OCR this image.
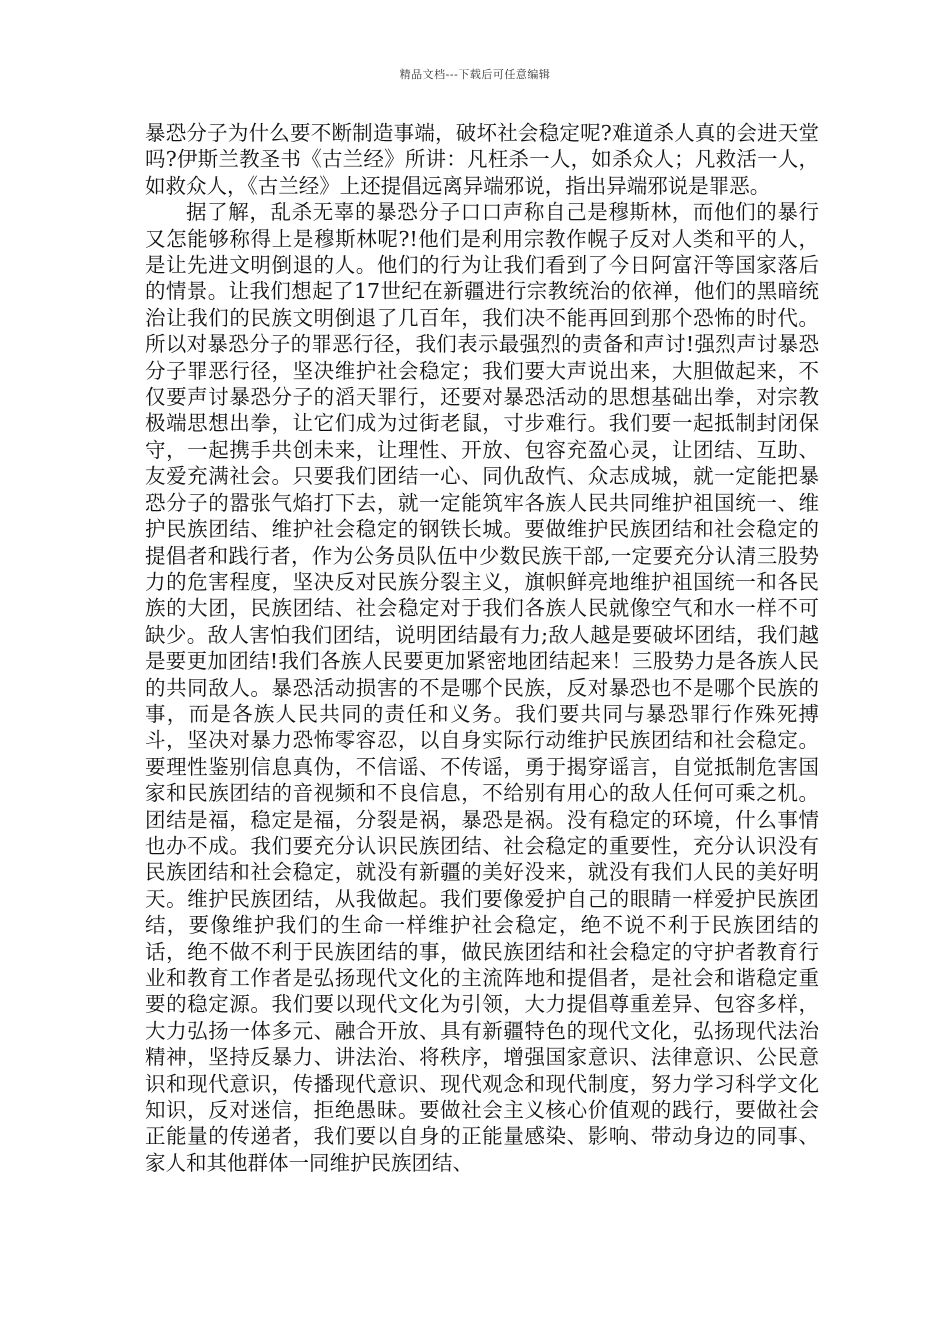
精品文档---下载后可任意编辑

暴恐分子为什么要不断制造事端，破坏社会稳定呢?难道杀人真的会进天堂吗?伊斯兰教圣书《古兰经》所讲：凡枉杀一人，如杀众人；凡救活一人，如救众人，《古兰经》上还提倡远离异端邪说，指出异端邪说是罪恶。

据了解，乱杀无辜的暴恐分子口口声称自己是穆斯林，而他们的暴行又怎能够称得上是穆斯林呢?!他们是利用宗教作幌子反对人类和平的人，是让先进文明倒退的人。他们的行为让我们看到了今日阿富汗等国家落后的情景。让我们想起了17世纪在新疆进行宗教统治的依禅，他们的黑暗统治让我们的民族文明倒退了几百年，我们决不能再回到那个恐怖的时代。所以对暴恐分子的罪恶行径，我们表示最强烈的责备和声讨!强烈声讨暴恐分子罪恶行径，坚决维护社会稳定；我们要大声说出来，大胆做起来，不仅要声讨暴恐分子的滔天罪行，还要对暴恐活动的思想基础出拳，对宗教极端思想出拳，让它们成为过街老鼠，寸步难行。我们要一起抵制封闭保守，一起携手共创未来，让理性、开放、包容充盈心灵，让团结、互助、友爱充满社会。只要我们团结一心、同仇敌忾、众志成城，就一定能把暴恐分子的嚣张气焰打下去，就一定能筑牢各族人民共同维护祖国统一、维护民族团结、维护社会稳定的钢铁长城。要做维护民族团结和社会稳定的提倡者和践行者，作为公务员队伍中少数民族干部,一定要充分认清三股势力的危害程度，坚决反对民族分裂主义，旗帜鲜亮地维护祖国统一和各民族的大团，民族团结、社会稳定对于我们各族人民就像空气和水一样不可缺少。敌人害怕我们团结，说明团结最有力;敌人越是要破坏团结，我们越是要更加团结!我们各族人民要更加紧密地团结起来！三股势力是各族人民的共同敌人。暴恐活动损害的不是哪个民族，反对暴恐也不是哪个民族的事，而是各族人民共同的责任和义务。我们要共同与暴恐罪行作殊死搏斗，坚决对暴力恐怖零容忍，以自身实际行动维护民族团结和社会稳定。要理性鉴别信息真伪，不信谣、不传谣，勇于揭穿谣言，自觉抵制危害国家和民族团结的音视频和不良信息，不给别有用心的敌人任何可乘之机。团结是福，稳定是福，分裂是祸，暴恐是祸。没有稳定的环境，什么事情也办不成。我们要充分认识民族团结、社会稳定的重要性，充分认识没有民族团结和社会稳定，就没有新疆的美好没来，就没有我们人民的美好明天。维护民族团结，从我做起。我们要像爱护自己的眼睛一样爱护民族团结，要像维护我们的生命一样维护社会稳定，绝不说不利于民族团结的话，绝不做不利于民族团结的事，做民族团结和社会稳定的守护者教育行业和教育工作者是弘扬现代文化的主流阵地和提倡者，是社会和谐稳定重要的稳定源。我们要以现代文化为引领，大力提倡尊重差异、包容多样，大力弘扬一体多元、融合开放、具有新疆特色的现代文化，弘扬现代法治精神，坚持反暴力、讲法治、将秩序，增强国家意识、法律意识、公民意识和现代意识，传播现代意识、现代观念和现代制度，努力学习科学文化知识，反对迷信，拒绝愚昧。要做社会主义核心价值观的践行，要做社会正能量的传递者，我们要以自身的正能量感染、影响、带动身边的同事、家人和其他群体一同维护民族团结、
